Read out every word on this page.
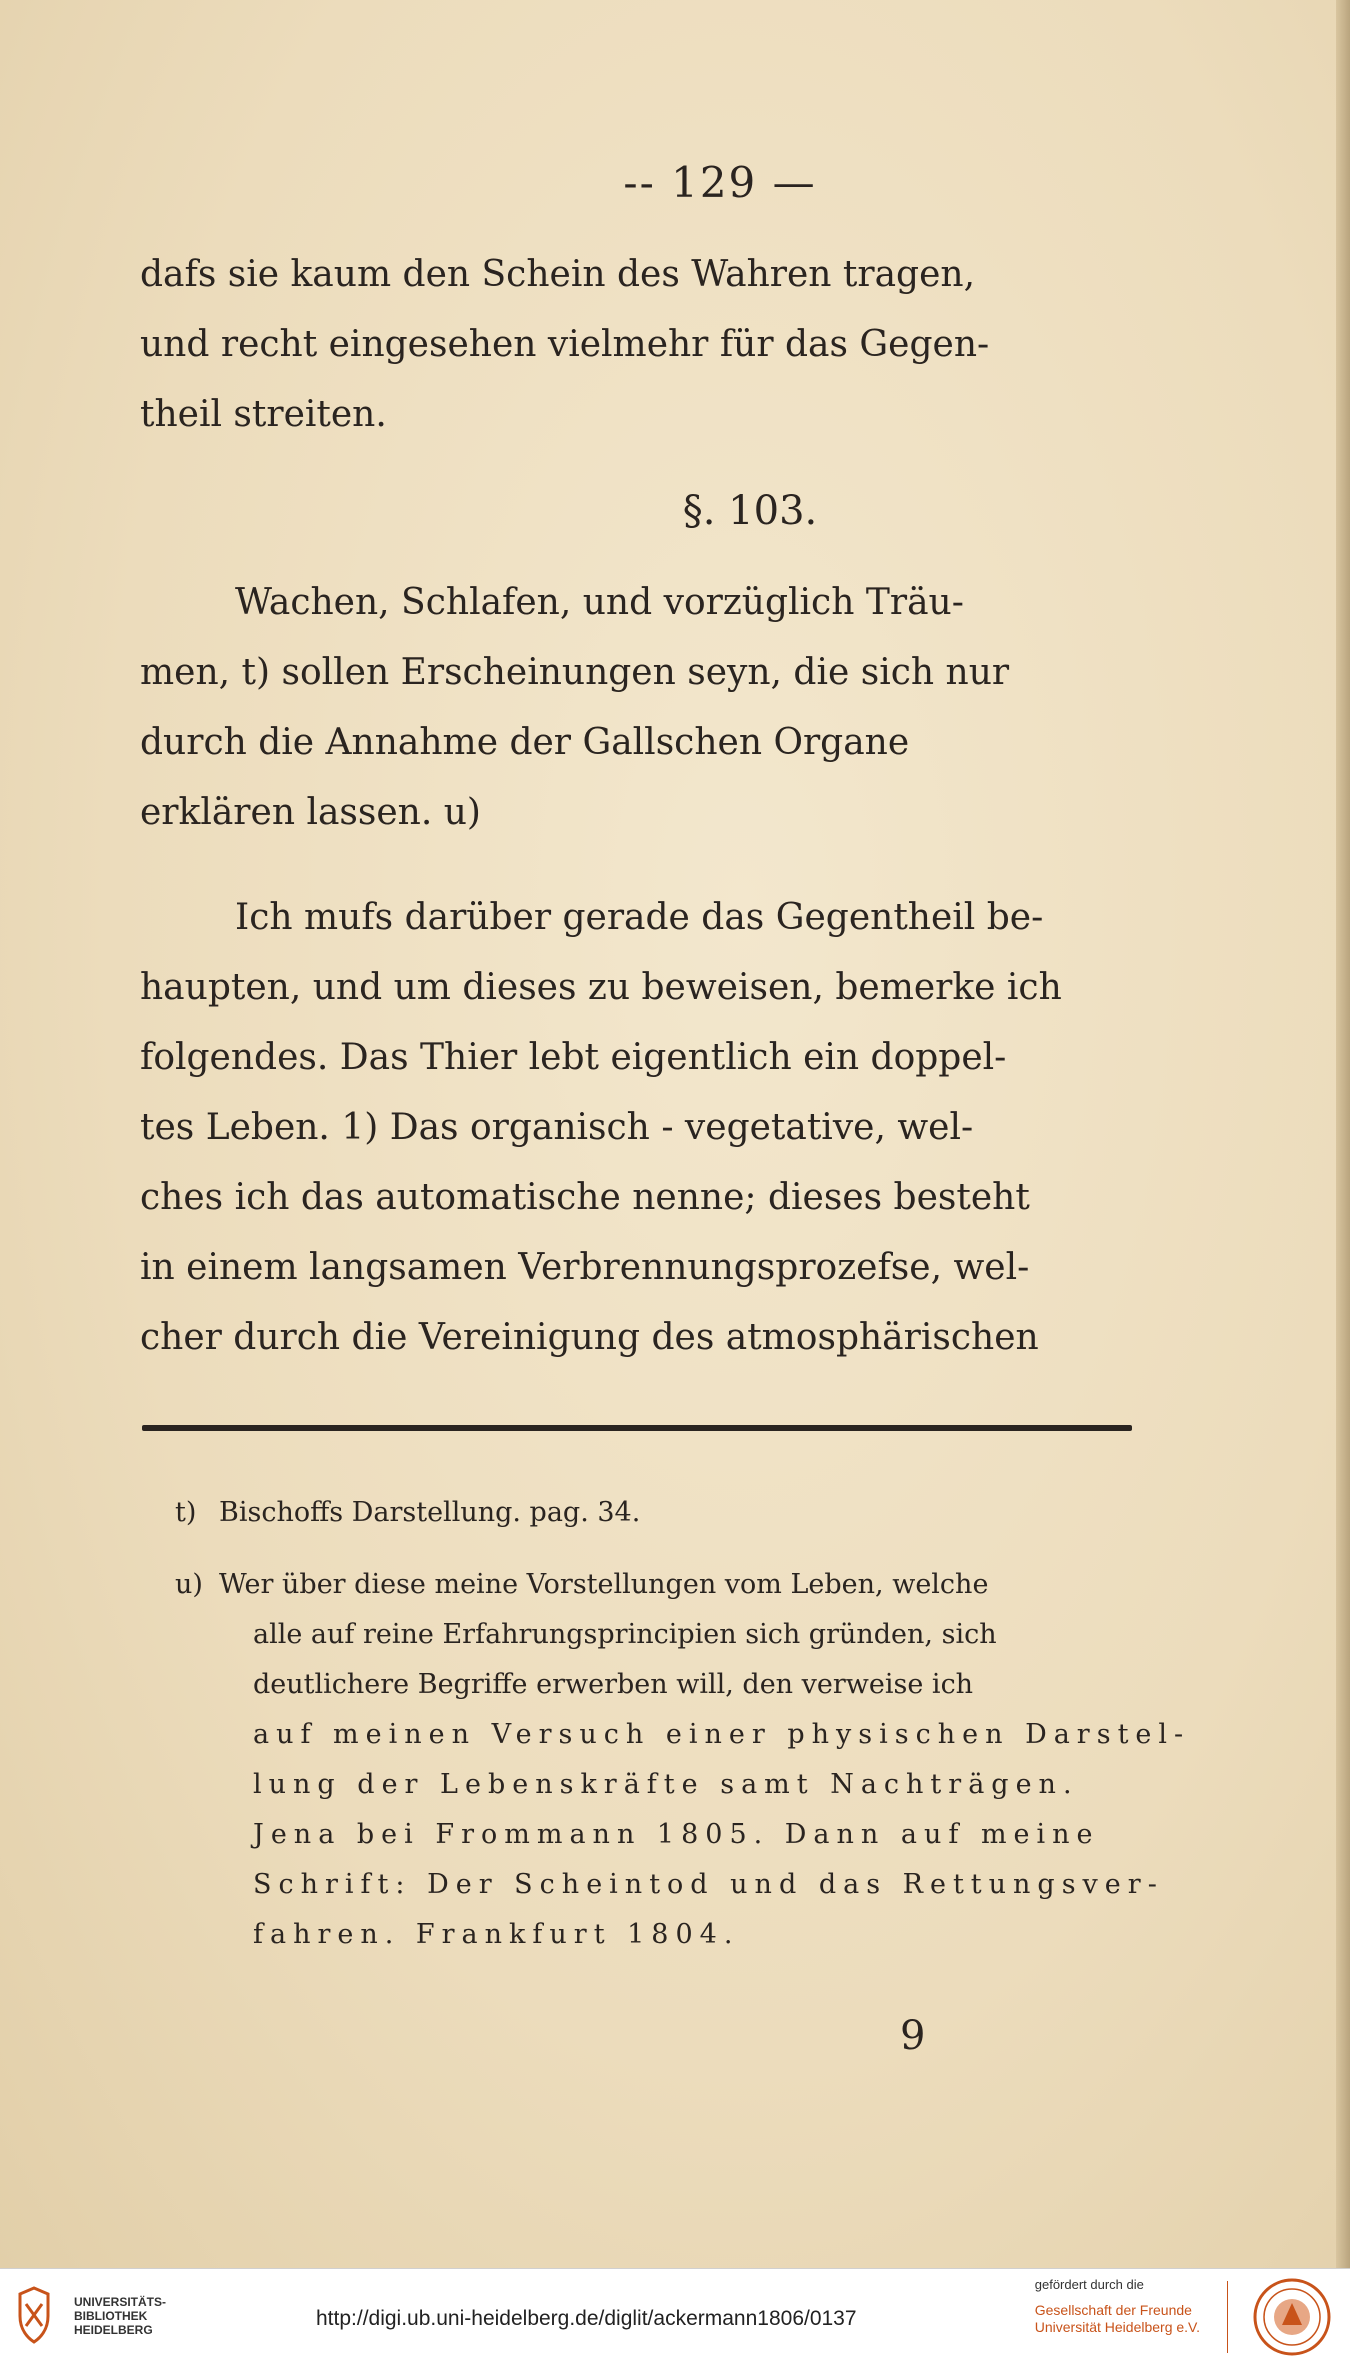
-- 129 —
dafs sie kaum den Schein des Wahren tragen,
und recht eingesehen vielmehr für das Gegen-
theil streiten.
§. 103.
Wachen, Schlafen, und vorzüglich Träu-
men, t) sollen Erscheinungen seyn, die sich nur
durch die Annahme der Gallschen Organe
erklären lassen. u)
Ich mufs darüber gerade das Gegentheil be-
haupten, und um dieses zu beweisen, bemerke ich
folgendes. Das Thier lebt eigentlich ein doppel-
tes Leben. 1) Das organisch - vegetative, wel-
ches ich das automatische nenne; dieses besteht
in einem langsamen Verbrennungsprozefse, wel-
cher durch die Vereinigung des atmosphärischen

t) Bischoffs Darstellung. pag. 34.

u) Wer über diese meine Vorstellungen vom Leben, welche

alle auf reine Erfahrungsprincipien sich gründen, sich
deutlichere Begriffe erwerben will, den verweise ich
auf meinen Versuch einer physischen Darstel-
lung der Lebenskräfte samt Nachträgen.
Jena bei Frommann 1805. Dann auf meine
Schrift: Der Scheintod und das Rettungsver-
fahren. Frankfurt 1804.
9
UNIVERSITÄTS-
BIBLIOTHEK
HEIDELBERG	http://digi.ub.uni-heidelberg.de/diglit/ackermann1806/0137
gefördert durch die
Gesellschaft der Freunde
Universität Heidelberg e.V.
